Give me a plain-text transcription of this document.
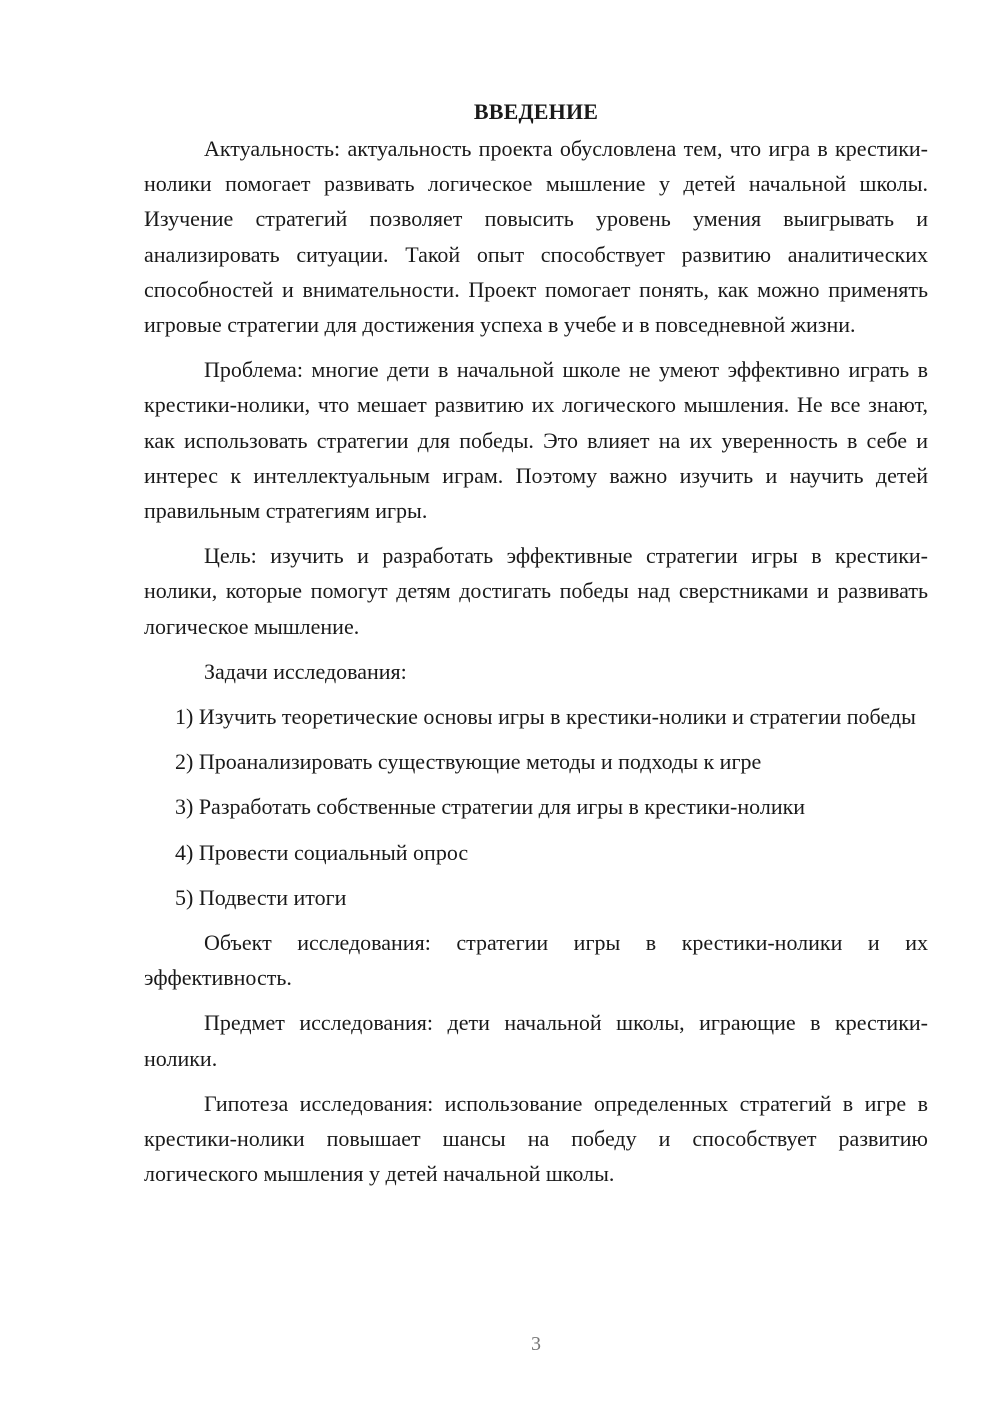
ВВЕДЕНИЕ

Актуальность: актуальность проекта обусловлена тем, что игра в крестики-нолики помогает развивать логическое мышление у детей начальной школы. Изучение стратегий позволяет повысить уровень умения выигрывать и анализировать ситуации. Такой опыт способствует развитию аналитических способностей и внимательности. Проект помогает понять, как можно применять игровые стратегии для достижения успеха в учебе и в повседневной жизни.

Проблема: многие дети в начальной школе не умеют эффективно играть в крестики-нолики, что мешает развитию их логического мышления. Не все знают, как использовать стратегии для победы. Это влияет на их уверенность в себе и интерес к интеллектуальным играм. Поэтому важно изучить и научить детей правильным стратегиям игры.

Цель: изучить и разработать эффективные стратегии игры в крестики-нолики, которые помогут детям достигать победы над сверстниками и развивать логическое мышление.

Задачи исследования:

1) Изучить теоретические основы игры в крестики-нолики и стратегии победы

2) Проанализировать существующие методы и подходы к игре

3) Разработать собственные стратегии для игры в крестики-нолики

4) Провести социальный опрос

5) Подвести итоги

Объект исследования: стратегии игры в крестики-нолики и их эффективность.

Предмет исследования: дети начальной школы, играющие в крестики-нолики.

Гипотеза исследования: использование определенных стратегий в игре в крестики-нолики повышает шансы на победу и способствует развитию логического мышления у детей начальной школы.

3
